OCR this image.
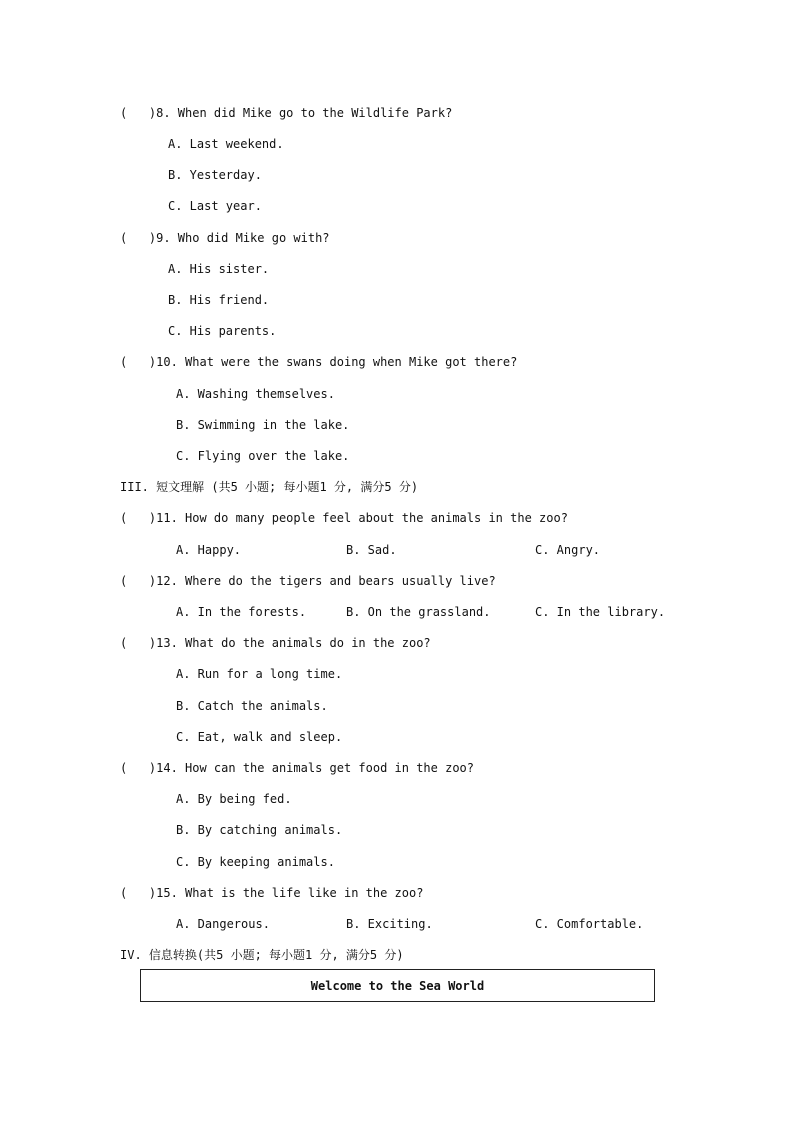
(   )8. When did Mike go to the Wildlife Park?
A. Last weekend.
B. Yesterday.
C. Last year.
(   )9. Who did Mike go with?
A. His sister.
B. His friend.
C. His parents.
(   )10. What were the swans doing when Mike got there?
A. Washing themselves.
B. Swimming in the lake.
C. Flying over the lake.
III. 短文理解 (共5 小题; 每小题1 分, 满分5 分)
(   )11. How do many people feel about the animals in the zoo?
A. Happy.	B. Sad.	C. Angry.
(   )12. Where do the tigers and bears usually live?
A. In the forests.	B. On the grassland.	C. In the library.
(   )13. What do the animals do in the zoo?
A. Run for a long time.
B. Catch the animals.
C. Eat, walk and sleep.
(   )14. How can the animals get food in the zoo?
A. By being fed.
B. By catching animals.
C. By keeping animals.
(   )15. What is the life like in the zoo?
A. Dangerous.	B. Exciting.	C. Comfortable.
IV. 信息转换(共5 小题; 每小题1 分, 满分5 分)
Welcome to the Sea World
